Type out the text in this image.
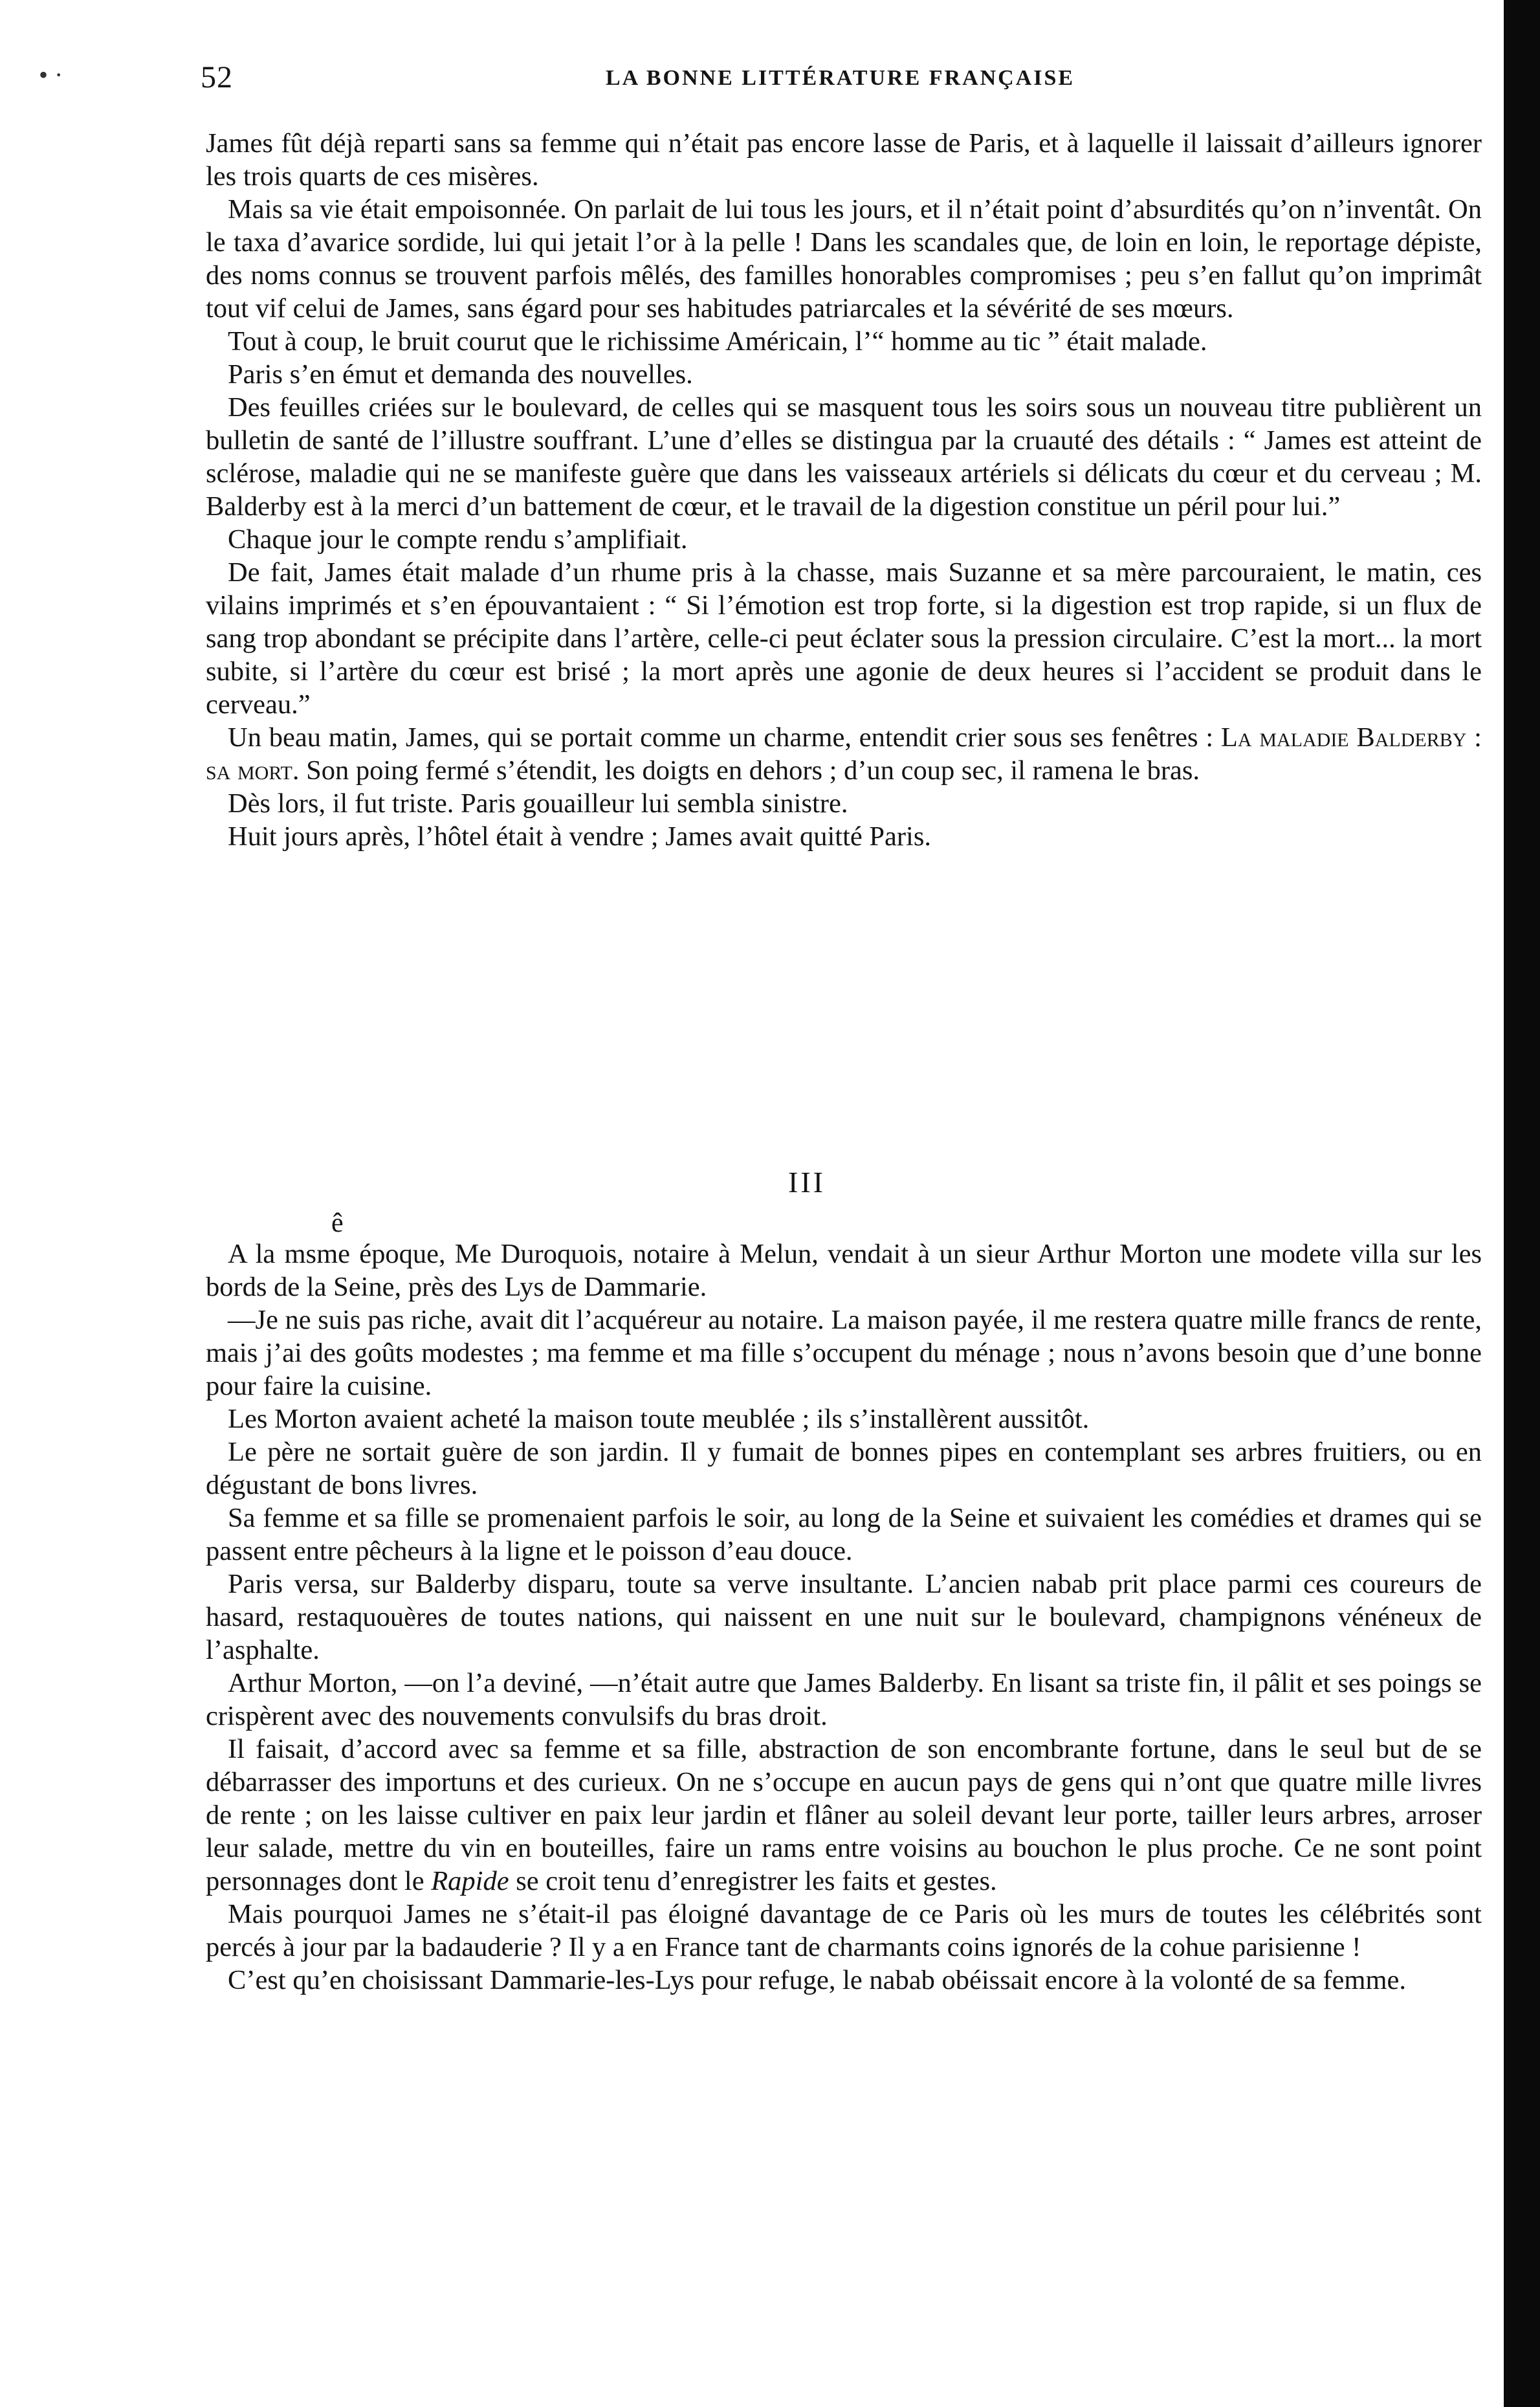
• ·	52	LA BONNE LITTÉRATURE FRANÇAISE

James fût déjà reparti sans sa femme qui n’était pas encore lasse de Paris, et à laquelle il laissait d’ailleurs ignorer les trois quarts de ces misères.

Mais sa vie était empoisonnée. On parlait de lui tous les jours, et il n’était point d’absurdités qu’on n’inventât. On le taxa d’avarice sordide, lui qui jetait l’or à la pelle ! Dans les scandales que, de loin en loin, le reportage dépiste, des noms connus se trouvent parfois mêlés, des familles honorables compromises ; peu s’en fallut qu’on imprimât tout vif celui de James, sans égard pour ses habitudes patriarcales et la sévérité de ses mœurs.

Tout à coup, le bruit courut que le richissime Américain, l’“ homme au tic ” était malade.

Paris s’en émut et demanda des nouvelles.

Des feuilles criées sur le boulevard, de celles qui se masquent tous les soirs sous un nouveau titre publièrent un bulletin de santé de l’illustre souffrant. L’une d’elles se distingua par la cruauté des détails : “ James est atteint de sclérose, maladie qui ne se manifeste guère que dans les vaisseaux artériels si délicats du cœur et du cerveau ; M. Balderby est à la merci d’un battement de cœur, et le travail de la digestion constitue un péril pour lui.”

Chaque jour le compte rendu s’amplifiait.

De fait, James était malade d’un rhume pris à la chasse, mais Suzanne et sa mère parcouraient, le matin, ces vilains imprimés et s’en épouvantaient : “ Si l’émotion est trop forte, si la digestion est trop rapide, si un flux de sang trop abondant se précipite dans l’artère, celle-ci peut éclater sous la pression circulaire. C’est la mort... la mort subite, si l’artère du cœur est brisé ; la mort après une agonie de deux heures si l’accident se produit dans le cerveau.”

Un beau matin, James, qui se portait comme un charme, entendit crier sous ses fenêtres : La maladie Balderby : sa mort. Son poing fermé s’étendit, les doigts en dehors ; d’un coup sec, il ramena le bras.

Dès lors, il fut triste. Paris gouailleur lui sembla sinistre.

Huit jours après, l’hôtel était à vendre ; James avait quitté Paris.

III
ê

A la msme époque, Me Duroquois, notaire à Melun, vendait à un sieur Arthur Morton une modete villa sur les bords de la Seine, près des Lys de Dammarie.

—Je ne suis pas riche, avait dit l’acquéreur au notaire. La maison payée, il me restera quatre mille francs de rente, mais j’ai des goûts modestes ; ma femme et ma fille s’occupent du ménage ; nous n’avons besoin que d’une bonne pour faire la cuisine.

Les Morton avaient acheté la maison toute meublée ; ils s’installèrent aussitôt.

Le père ne sortait guère de son jardin. Il y fumait de bonnes pipes en contemplant ses arbres fruitiers, ou en dégustant de bons livres.

Sa femme et sa fille se promenaient parfois le soir, au long de la Seine et suivaient les comédies et drames qui se passent entre pêcheurs à la ligne et le poisson d’eau douce.

Paris versa, sur Balderby disparu, toute sa verve insultante. L’ancien nabab prit place parmi ces coureurs de hasard, restaquouères de toutes nations, qui naissent en une nuit sur le boulevard, champignons vénéneux de l’asphalte.

Arthur Morton, —on l’a deviné, —n’était autre que James Balderby. En lisant sa triste fin, il pâlit et ses poings se crispèrent avec des nouvements convulsifs du bras droit.

Il faisait, d’accord avec sa femme et sa fille, abstraction de son encombrante fortune, dans le seul but de se débarrasser des importuns et des curieux. On ne s’occupe en aucun pays de gens qui n’ont que quatre mille livres de rente ; on les laisse cultiver en paix leur jardin et flâner au soleil devant leur porte, tailler leurs arbres, arroser leur salade, mettre du vin en bouteilles, faire un rams entre voisins au bouchon le plus proche. Ce ne sont point personnages dont le Rapide se croit tenu d’enregistrer les faits et gestes.

Mais pourquoi James ne s’était-il pas éloigné davantage de ce Paris où les murs de toutes les célébrités sont percés à jour par la badauderie ? Il y a en France tant de charmants coins ignorés de la cohue parisienne !

C’est qu’en choisissant Dammarie-les-Lys pour refuge, le nabab obéissait encore à la volonté de sa femme.
